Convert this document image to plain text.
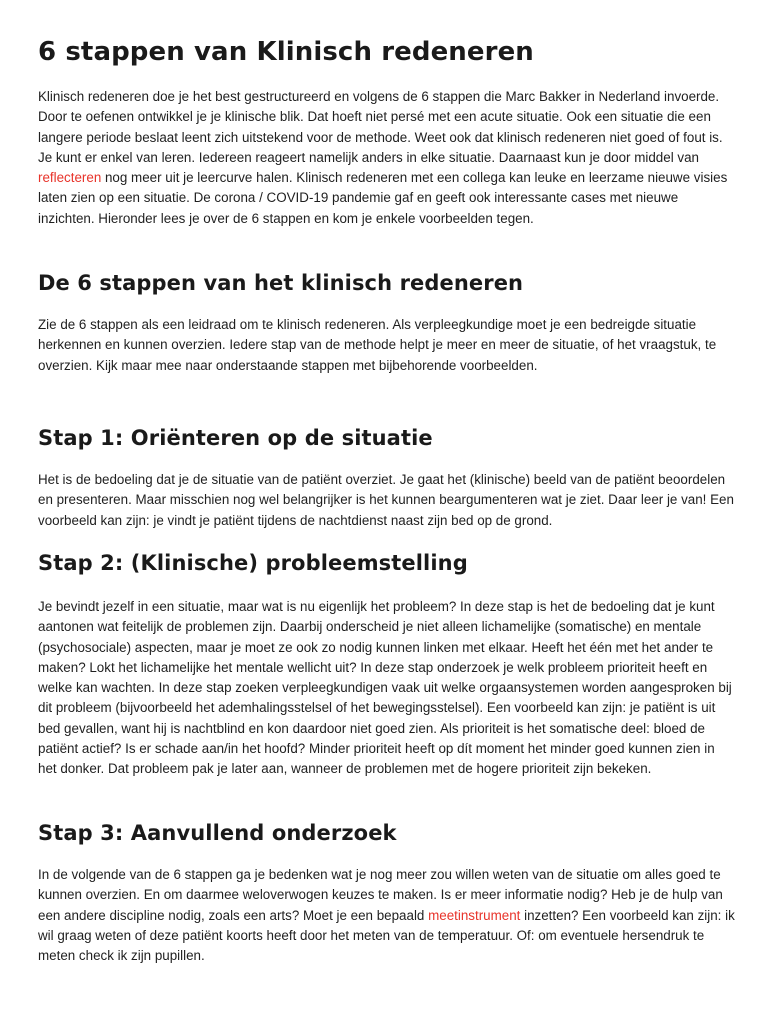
6 stappen van Klinisch redeneren

Klinisch redeneren doe je het best gestructureerd en volgens de 6 stappen die Marc Bakker in Nederland invoerde. Door te oefenen ontwikkel je je klinische blik. Dat hoeft niet persé met een acute situatie. Ook een situatie die een langere periode beslaat leent zich uitstekend voor de methode. Weet ook dat klinisch redeneren niet goed of fout is. Je kunt er enkel van leren. Iedereen reageert namelijk anders in elke situatie. Daarnaast kun je door middel van reflecteren nog meer uit je leercurve halen. Klinisch redeneren met een collega kan leuke en leerzame nieuwe visies laten zien op een situatie. De corona / COVID-19 pandemie gaf en geeft ook interessante cases met nieuwe inzichten. Hieronder lees je over de 6 stappen en kom je enkele voorbeelden tegen.

De 6 stappen van het klinisch redeneren

Zie de 6 stappen als een leidraad om te klinisch redeneren. Als verpleegkundige moet je een bedreigde situatie herkennen en kunnen overzien. Iedere stap van de methode helpt je meer en meer de situatie, of het vraagstuk, te overzien. Kijk maar mee naar onderstaande stappen met bijbehorende voorbeelden.

Stap 1: Oriënteren op de situatie

Het is de bedoeling dat je de situatie van de patiënt overziet. Je gaat het (klinische) beeld van de patiënt beoordelen en presenteren. Maar misschien nog wel belangrijker is het kunnen beargumenteren wat je ziet. Daar leer je van! Een voorbeeld kan zijn: je vindt je patiënt tijdens de nachtdienst naast zijn bed op de grond.

Stap 2: (Klinische) probleemstelling

Je bevindt jezelf in een situatie, maar wat is nu eigenlijk het probleem? In deze stap is het de bedoeling dat je kunt aantonen wat feitelijk de problemen zijn. Daarbij onderscheid je niet alleen lichamelijke (somatische) en mentale (psychosociale) aspecten, maar je moet ze ook zo nodig kunnen linken met elkaar. Heeft het één met het ander te maken? Lokt het lichamelijke het mentale wellicht uit? In deze stap onderzoek je welk probleem prioriteit heeft en welke kan wachten. In deze stap zoeken verpleegkundigen vaak uit welke orgaansystemen worden aangesproken bij dit probleem (bijvoorbeeld het ademhalingsstelsel of het bewegingsstelsel). Een voorbeeld kan zijn: je patiënt is uit bed gevallen, want hij is nachtblind en kon daardoor niet goed zien. Als prioriteit is het somatische deel: bloed de patiënt actief? Is er schade aan/in het hoofd? Minder prioriteit heeft op dít moment het minder goed kunnen zien in het donker. Dat probleem pak je later aan, wanneer de problemen met de hogere prioriteit zijn bekeken.

Stap 3: Aanvullend onderzoek

In de volgende van de 6 stappen ga je bedenken wat je nog meer zou willen weten van de situatie om alles goed te kunnen overzien. En om daarmee weloverwogen keuzes te maken. Is er meer informatie nodig? Heb je de hulp van een andere discipline nodig, zoals een arts? Moet je een bepaald meetinstrument inzetten? Een voorbeeld kan zijn: ik wil graag weten of deze patiënt koorts heeft door het meten van de temperatuur. Of: om eventuele hersendruk te meten check ik zijn pupillen.
